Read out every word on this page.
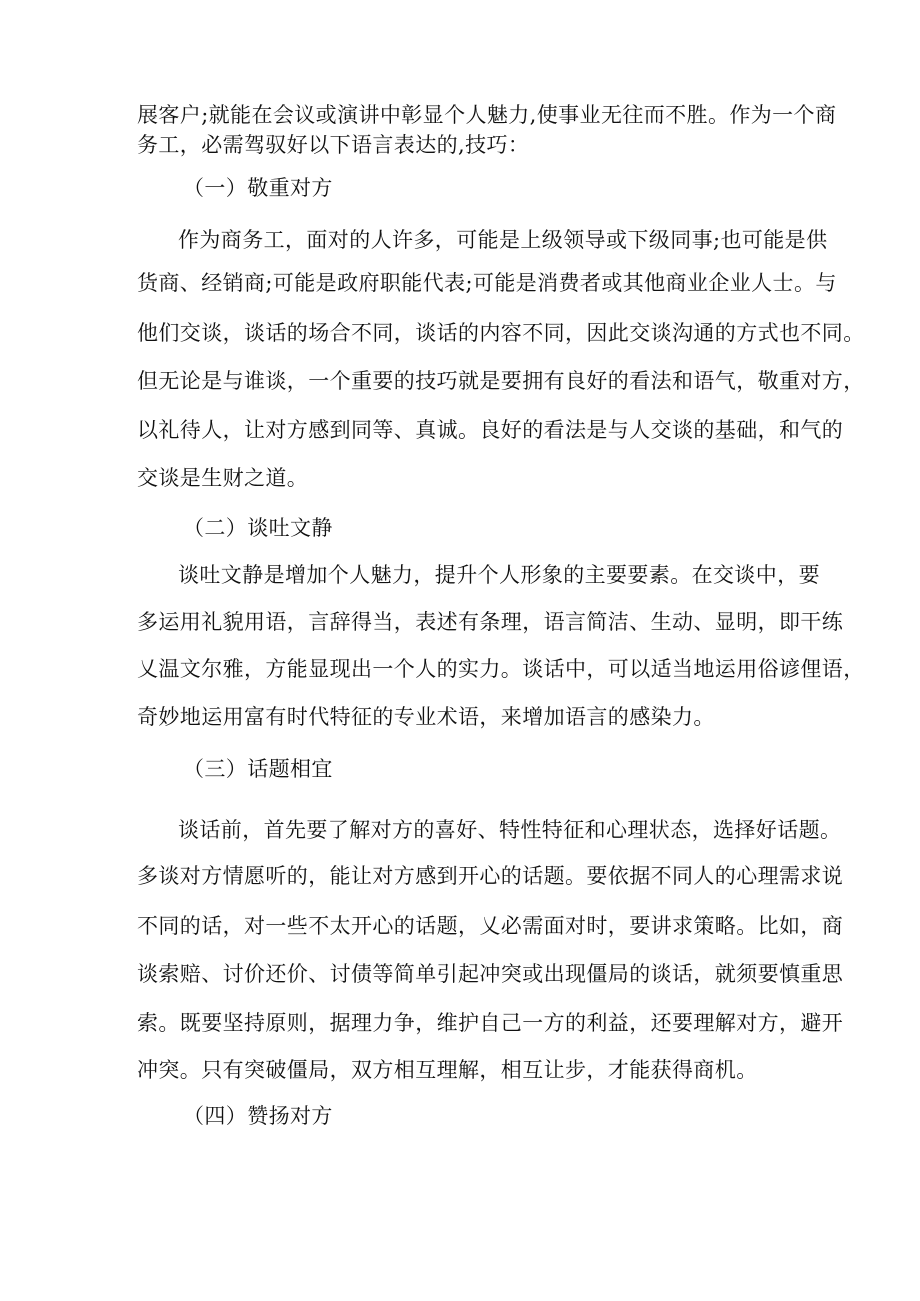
展客户;就能在会议或演讲中彰显个人魅力,使事业无往而不胜。作为一个商
务工，必需驾驭好以下语言表达的,技巧：
（一）敬重对方
作为商务工，面对的人许多，可能是上级领导或下级同事;也可能是供
货商、经销商;可能是政府职能代表;可能是消费者或其他商业企业人士。与
他们交谈，谈话的场合不同，谈话的内容不同，因此交谈沟通的方式也不同。
但无论是与谁谈，一个重要的技巧就是要拥有良好的看法和语气，敬重对方，
以礼待人，让对方感到同等、真诚。良好的看法是与人交谈的基础，和气的
交谈是生财之道。
（二）谈吐文静
谈吐文静是增加个人魅力，提升个人形象的主要要素。在交谈中，要
多运用礼貌用语，言辞得当，表述有条理，语言简洁、生动、显明，即干练
乂温文尔雅，方能显现出一个人的实力。谈话中，可以适当地运用俗谚俚语，
奇妙地运用富有时代特征的专业术语，来增加语言的感染力。
（三）话题相宜
谈话前，首先要了解对方的喜好、特性特征和心理状态，选择好话题。
多谈对方情愿听的，能让对方感到开心的话题。要依据不同人的心理需求说
不同的话，对一些不太开心的话题，乂必需面对时，要讲求策略。比如，商
谈索赔、讨价还价、讨债等简单引起冲突或出现僵局的谈话，就须要慎重思
索。既要坚持原则，据理力争，维护自己一方的利益，还要理解对方，避开
冲突。只有突破僵局，双方相互理解，相互让步，才能获得商机。
（四）赞扬对方
